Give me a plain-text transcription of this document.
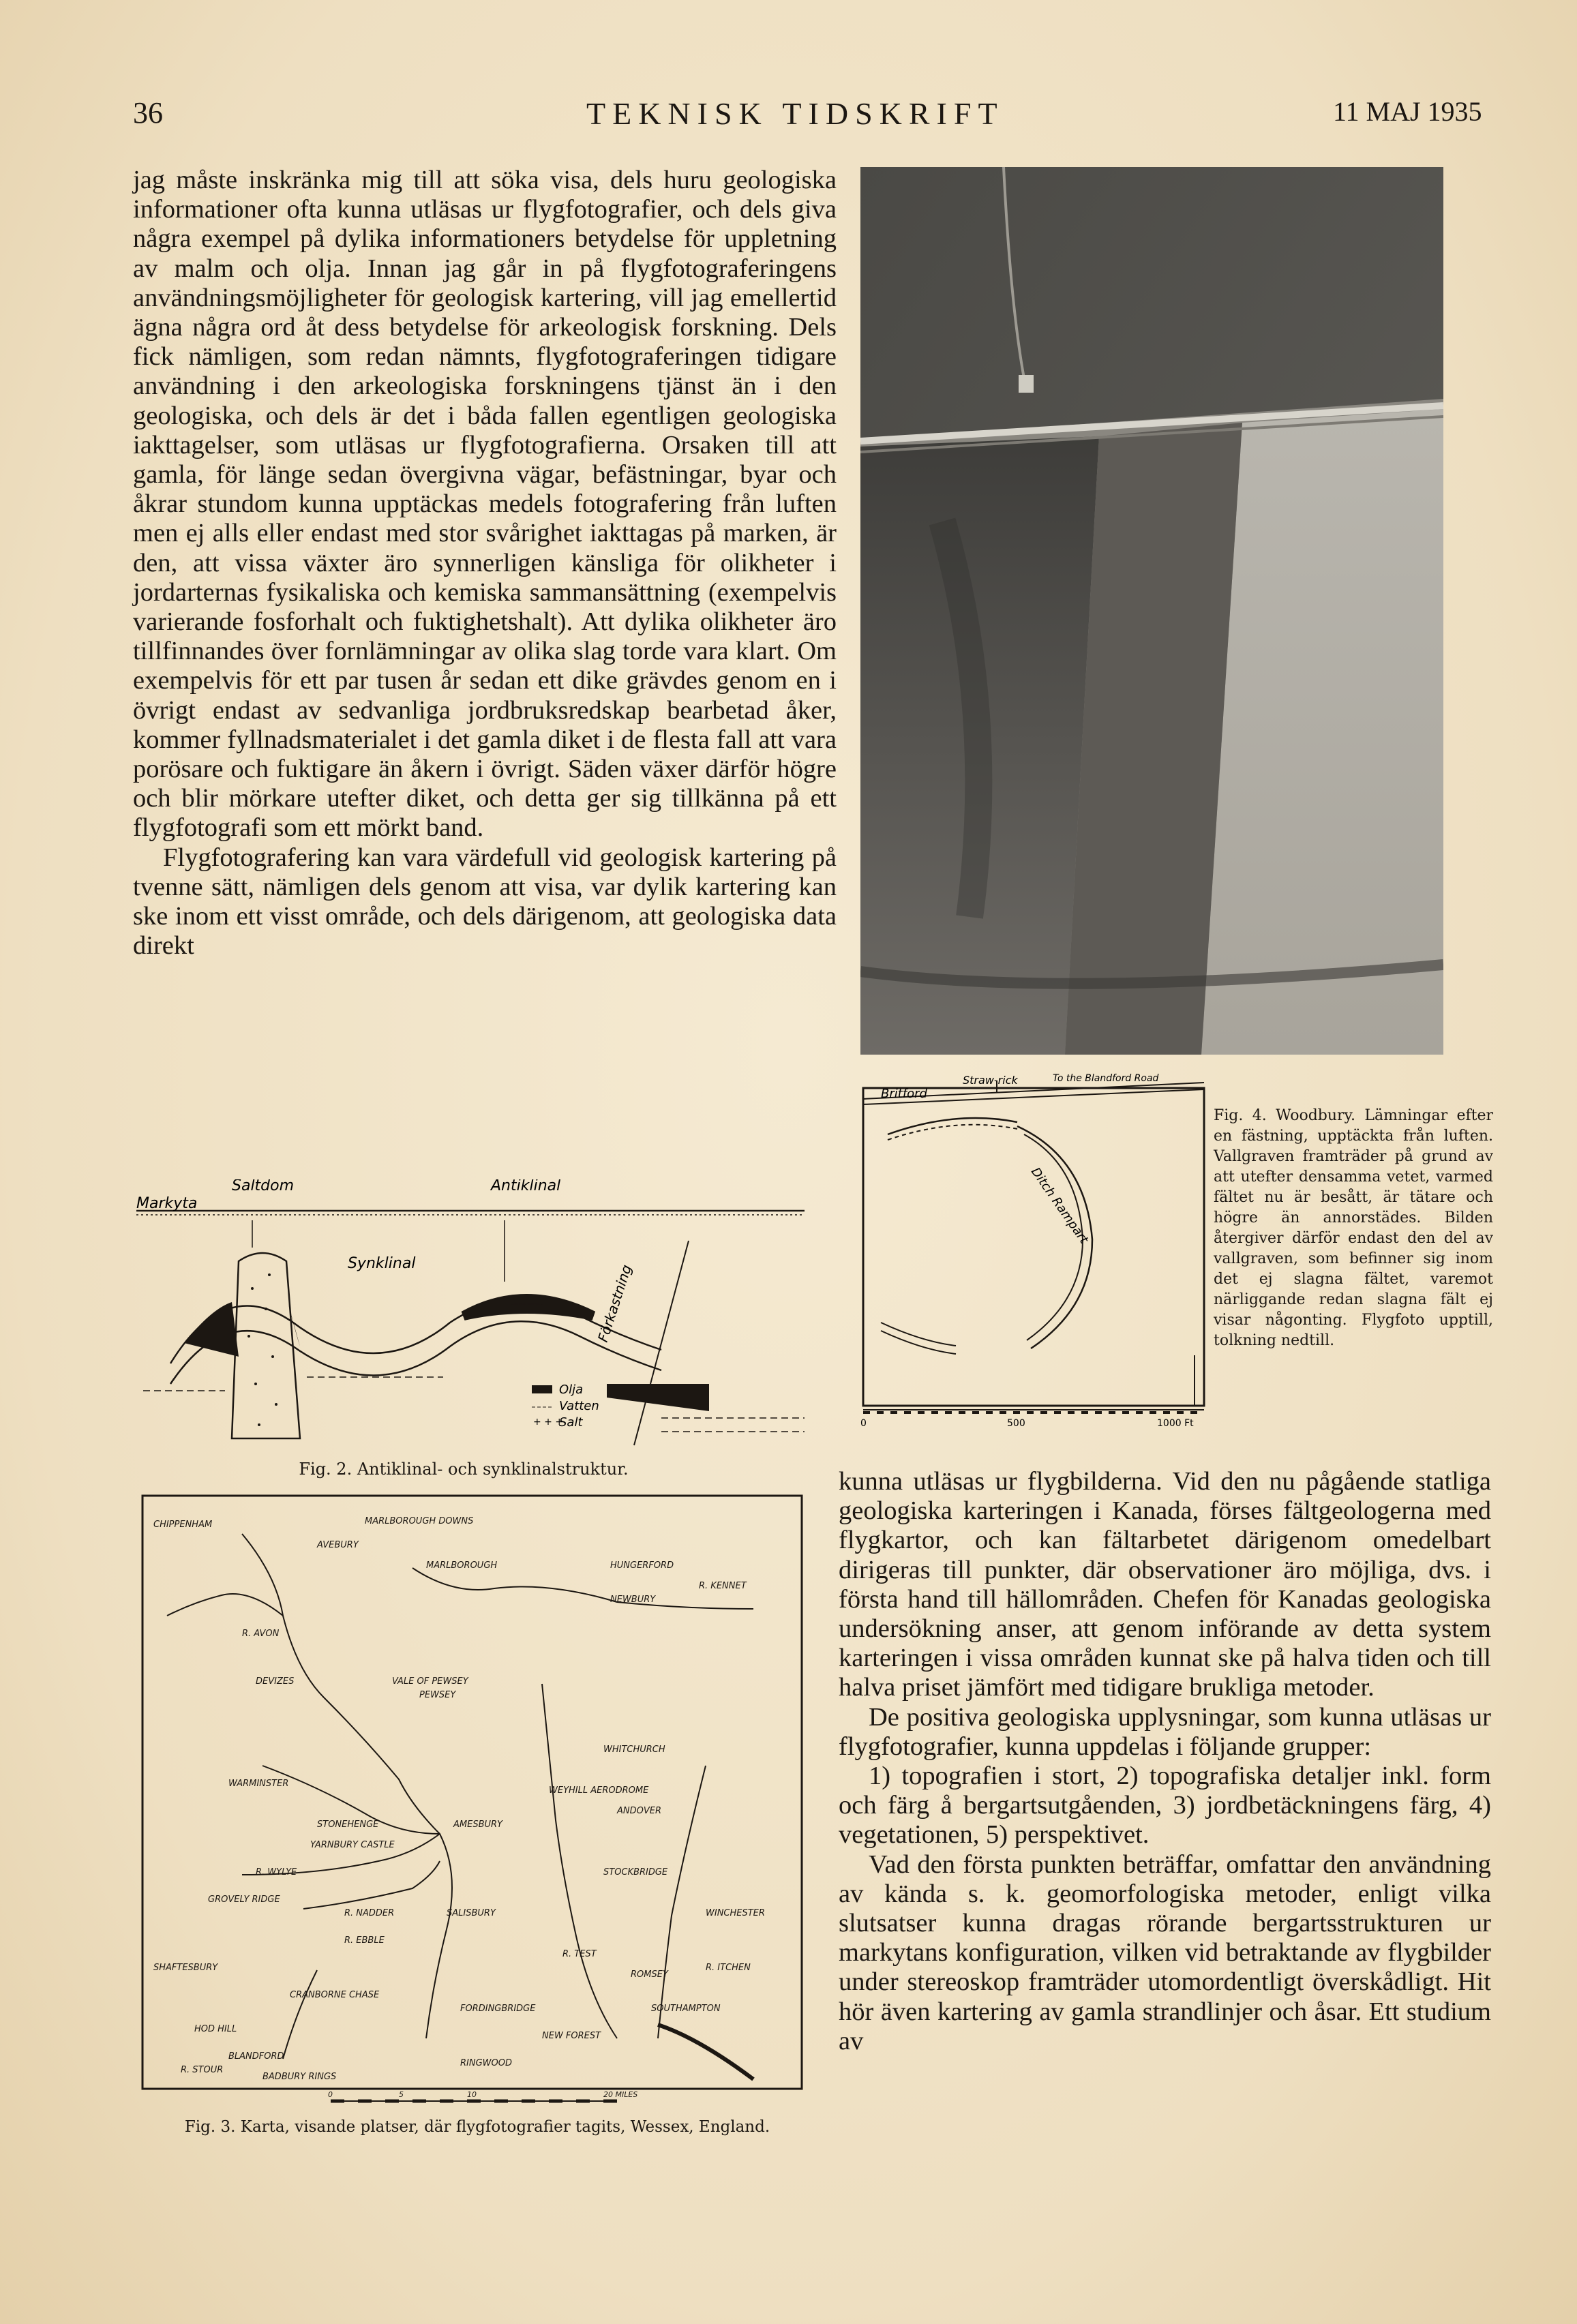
36	TEKNISK TIDSKRIFT	11 MAJ 1935

jag måste inskränka mig till att söka visa, dels huru geologiska informationer ofta kunna utläsas ur flygfotografier, och dels giva några exempel på dylika informationers betydelse för uppletning av malm och olja. Innan jag går in på flygfotograferingens användningsmöjligheter för geologisk kartering, vill jag emellertid ägna några ord åt dess betydelse för arkeologisk forskning. Dels fick nämligen, som redan nämnts, flygfotograferingen tidigare användning i den arkeologiska forskningens tjänst än i den geologiska, och dels är det i båda fallen egentligen geologiska iakttagelser, som utläsas ur flygfotografierna. Orsaken till att gamla, för länge sedan övergivna vägar, befästningar, byar och åkrar stundom kunna upptäckas medels fotografering från luften men ej alls eller endast med stor svårighet iakttagas på marken, är den, att vissa växter äro synnerligen känsliga för olikheter i jordarternas fysikaliska och kemiska sammansättning (exempelvis varierande fosforhalt och fuktighetshalt). Att dylika olikheter äro tillfinnandes över fornlämningar av olika slag torde vara klart. Om exempelvis för ett par tusen år sedan ett dike grävdes genom en i övrigt endast av sedvanliga jordbruksredskap bearbetad åker, kommer fyllnadsmaterialet i det gamla diket i de flesta fall att vara porösare och fuktigare än åkern i övrigt. Säden växer därför högre och blir mörkare utefter diket, och detta ger sig tillkänna på ett flygfotografi som ett mörkt band.

Flygfotografering kan vara värdefull vid geologisk kartering på tvenne sätt, nämligen dels genom att visa, var dylik kartering kan ske inom ett visst område, och dels därigenom, att geologiska data direkt

Britford
Straw-rick	To the Blandford Road
Ditch Rampart
0	500	1000 Ft
Fig. 4. Woodbury. Lämningar efter en fästning, upptäckta från luften. Vallgraven framträder på grund av att utefter densamma vetet, varmed fältet nu är besått, är tätare och högre än annorstädes. Bilden återgiver därför endast den del av vallgraven, som befinner sig inom det ej slagna fältet, varemot närliggande redan slagna fält ej visar någonting. Flygfoto upptill, tolkning nedtill.
Saltdom	Antiklinal
Markyta
Synklinal	Förkastning
Olja
Vatten
+ + +
Salt
Fig. 2. Antiklinal- och synklinalstruktur.
CHIPPENHAM	MARLBOROUGH DOWNS
AVEBURY
MARLBOROUGH	HUNGERFORD
R. KENNET
NEWBURY
R. AVON
DEVIZES	VALE OF PEWSEY
PEWSEY
WHITCHURCH
WARMINSTER
WEYHILL AERODROME
ANDOVER
STONEHENGE
YARNBURY CASTLE
AMESBURY
R. WYLYE
GROVELY RIDGE
STOCKBRIDGE
R. NADDER	SALISBURY
R. EBBLE
R. TEST
WINCHESTER
SHAFTESBURY
ROMSEY
R. ITCHEN
CRANBORNE CHASE
FORDINGBRIDGE
HOD HILL
SOUTHAMPTON
BLANDFORD
NEW FOREST
RINGWOOD
BADBURY RINGS
R. STOUR
0	5	10	20 MILES
Fig. 3. Karta, visande platser, där flygfotografier tagits, Wessex, England.

kunna utläsas ur flygbilderna. Vid den nu pågående statliga geologiska karteringen i Kanada, förses fältgeologerna med flygkartor, och kan fältarbetet därigenom omedelbart dirigeras till punkter, där observationer äro möjliga, dvs. i första hand till hällområden. Chefen för Kanadas geologiska undersökning anser, att genom införande av detta system karteringen i vissa områden kunnat ske på halva tiden och till halva priset jämfört med tidigare brukliga metoder.

De positiva geologiska upplysningar, som kunna utläsas ur flygfotografier, kunna uppdelas i följande grupper:

1) topografien i stort, 2) topografiska detaljer inkl. form och färg å bergartsutgåenden, 3) jordbetäckningens färg, 4) vegetationen, 5) perspektivet.

Vad den första punkten beträffar, omfattar den användning av kända s. k. geomorfologiska metoder, enligt vilka slutsatser kunna dragas rörande bergartsstrukturen ur markytans konfiguration, vilken vid betraktande av flygbilder under stereoskop framträder utomordentligt överskådligt. Hit hör även kartering av gamla strandlinjer och åsar. Ett studium av
